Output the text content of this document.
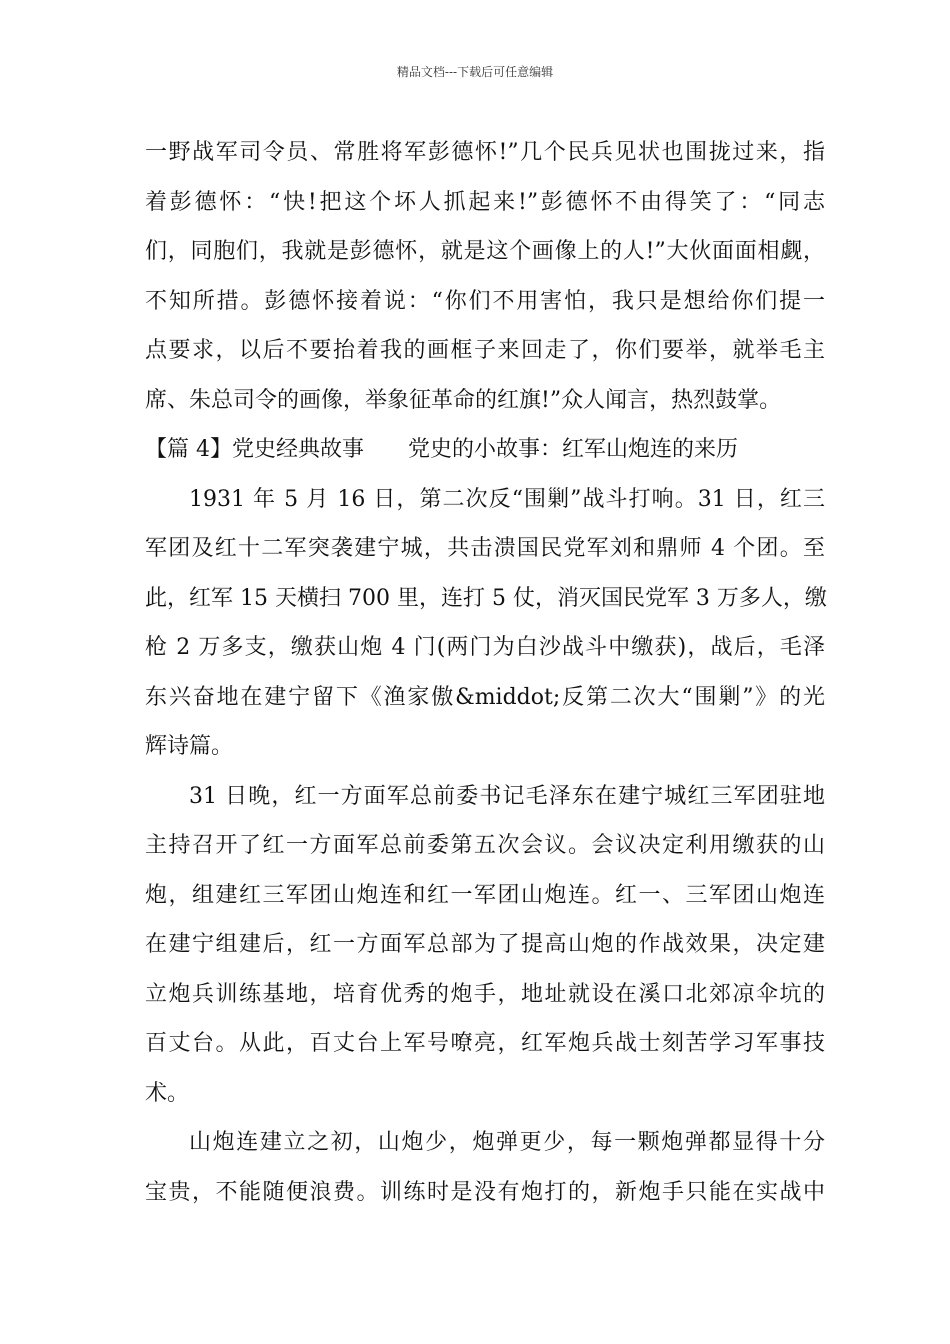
精品文档---下载后可任意编辑
一野战军司令员、常胜将军彭德怀!”几个民兵见状也围拢过来，指
着彭德怀：“快!把这个坏人抓起来!”彭德怀不由得笑了：“同志
们，同胞们，我就是彭德怀，就是这个画像上的人!”大伙面面相觑，
不知所措。彭德怀接着说：“你们不用害怕，我只是想给你们提一
点要求，以后不要抬着我的画框子来回走了，你们要举，就举毛主
席、朱总司令的画像，举象征革命的红旗!”众人闻言，热烈鼓掌。
【篇 4】党史经典故事　　党史的小故事：红军山炮连的来历
1931 年 5 月 16 日，第二次反“围剿”战斗打响。31 日，红三
军团及红十二军突袭建宁城，共击溃国民党军刘和鼎师 4 个团。至
此，红军 15 天横扫 700 里，连打 5 仗，消灭国民党军 3 万多人，缴
枪 2 万多支，缴获山炮 4 门(两门为白沙战斗中缴获)，战后，毛泽
东兴奋地在建宁留下《渔家傲&middot;反第二次大“围剿”》的光
辉诗篇。
31 日晚，红一方面军总前委书记毛泽东在建宁城红三军团驻地
主持召开了红一方面军总前委第五次会议。会议决定利用缴获的山
炮，组建红三军团山炮连和红一军团山炮连。红一、三军团山炮连
在建宁组建后，红一方面军总部为了提高山炮的作战效果，决定建
立炮兵训练基地，培育优秀的炮手，地址就设在溪口北郊凉伞坑的
百丈台。从此，百丈台上军号嘹亮，红军炮兵战士刻苦学习军事技
术。
山炮连建立之初，山炮少，炮弹更少，每一颗炮弹都显得十分
宝贵，不能随便浪费。训练时是没有炮打的，新炮手只能在实战中
